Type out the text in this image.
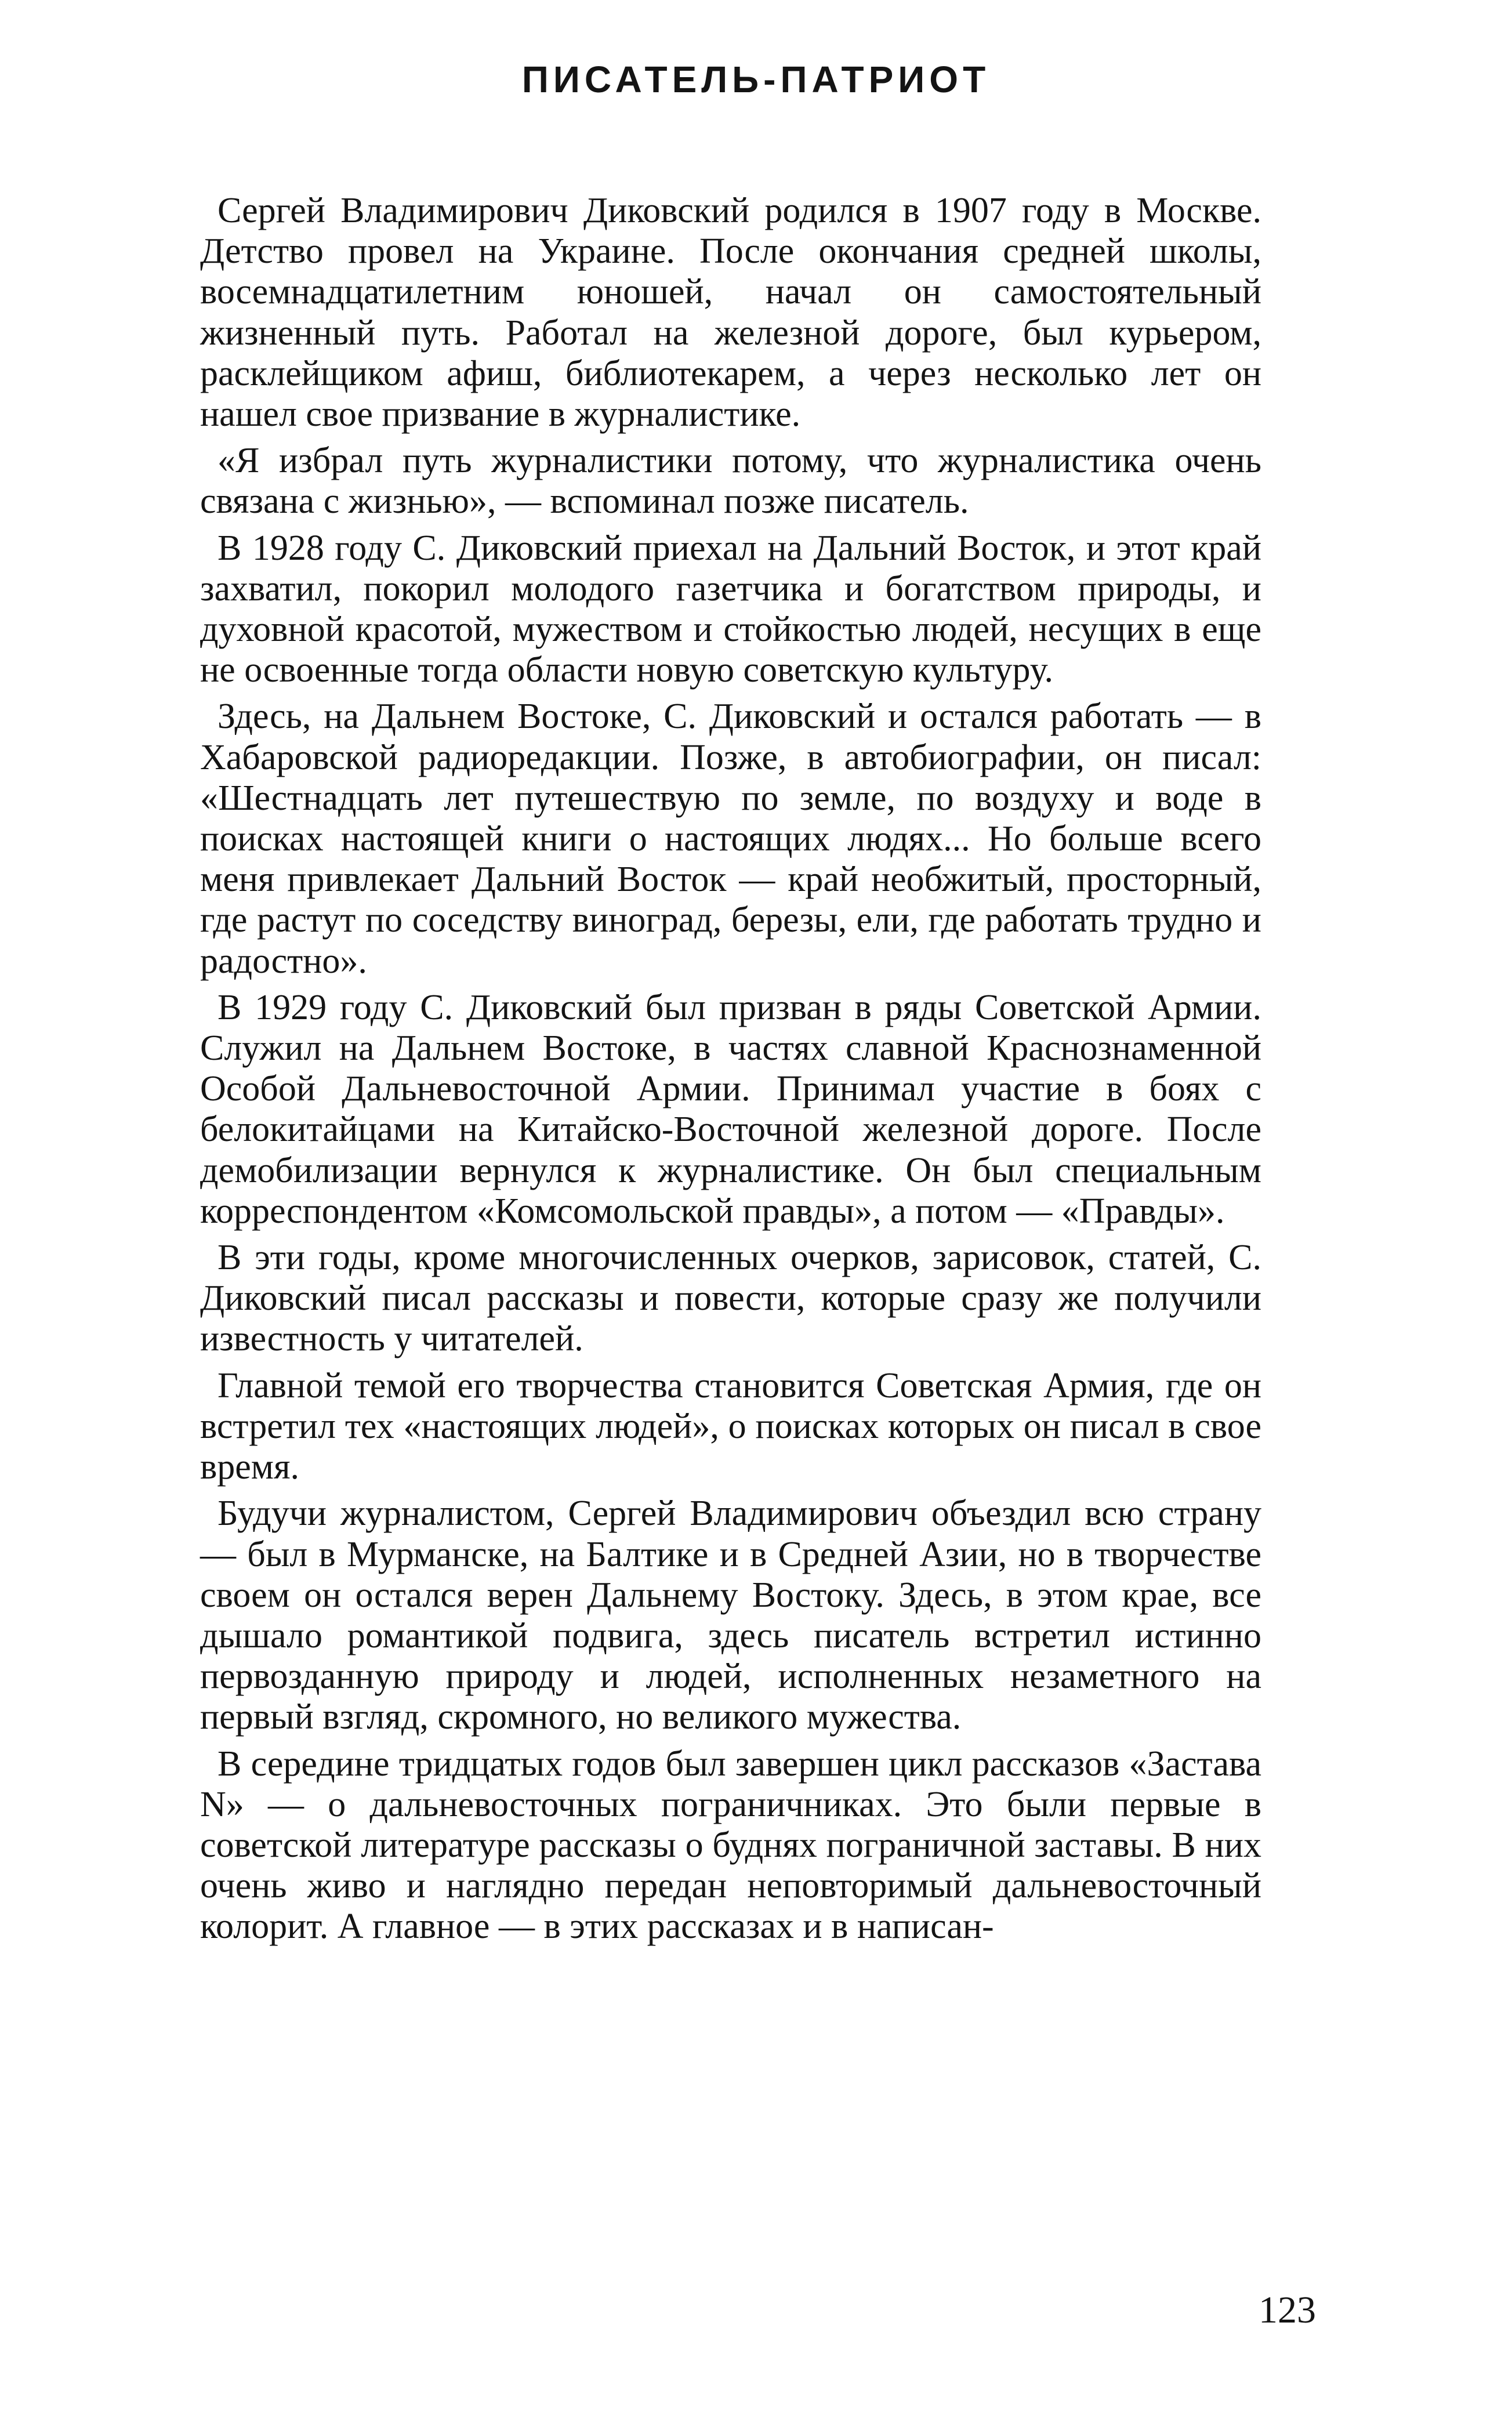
ПИСАТЕЛЬ-ПАТРИОТ

Сергей Владимирович Диковский родился в 1907 году в Москве. Детство провел на Украине. После окончания средней школы, восемнадцатилетним юношей, начал он самостоятельный жизненный путь. Работал на железной дороге, был курьером, расклейщиком афиш, библиотекарем, а через несколько лет он нашел свое призвание в журналистике.

«Я избрал путь журналистики потому, что журналистика очень связана с жизнью», — вспоминал позже писатель.

В 1928 году С. Диковский приехал на Дальний Восток, и этот край захватил, покорил молодого газетчика и богатством природы, и духовной красотой, мужеством и стойкостью людей, несущих в еще не освоенные тогда области новую советскую культуру.

Здесь, на Дальнем Востоке, С. Диковский и остался работать — в Хабаровской радиоредакции. Позже, в автобиографии, он писал: «Шестнадцать лет путешествую по земле, по воздуху и воде в поисках настоящей книги о настоящих людях... Но больше всего меня привлекает Дальний Восток — край необжитый, просторный, где растут по соседству виноград, березы, ели, где работать трудно и радостно».

В 1929 году С. Диковский был призван в ряды Советской Армии. Служил на Дальнем Востоке, в частях славной Краснознаменной Особой Дальневосточной Армии. Принимал участие в боях с белокитайцами на Китайско-Восточной железной дороге. После демобилизации вернулся к журналистике. Он был специальным корреспондентом «Комсомольской правды», а потом — «Правды».

В эти годы, кроме многочисленных очерков, зарисовок, статей, С. Диковский писал рассказы и повести, которые сразу же получили известность у читателей.

Главной темой его творчества становится Советская Армия, где он встретил тех «настоящих людей», о поисках которых он писал в свое время.

Будучи журналистом, Сергей Владимирович объездил всю страну — был в Мурманске, на Балтике и в Средней Азии, но в творчестве своем он остался верен Дальнему Востоку. Здесь, в этом крае, все дышало романтикой подвига, здесь писатель встретил истинно первозданную природу и людей, исполненных незаметного на первый взгляд, скромного, но великого мужества.

В середине тридцатых годов был завершен цикл рассказов «Застава N» — о дальневосточных пограничниках. Это были первые в советской литературе рассказы о буднях пограничной заставы. В них очень живо и наглядно передан неповторимый дальневосточный колорит. А главное — в этих рассказах и в написан-

123
